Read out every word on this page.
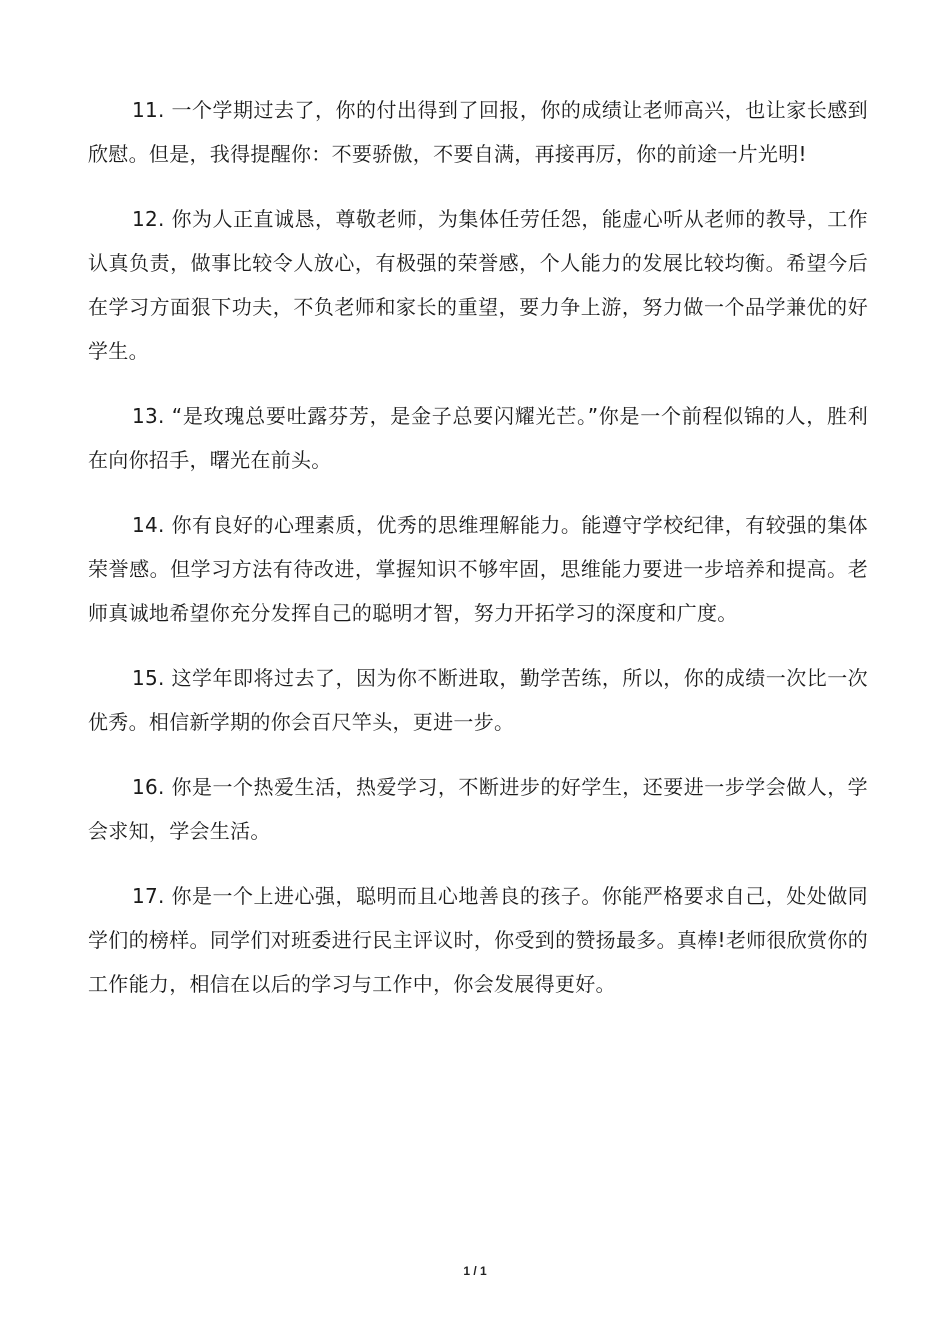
11. 一个学期过去了，你的付出得到了回报，你的成绩让老师高兴，也让家长感到欣慰。但是，我得提醒你：不要骄傲，不要自满，再接再厉，你的前途一片光明!

12. 你为人正直诚恳，尊敬老师，为集体任劳任怨，能虚心听从老师的教导，工作认真负责，做事比较令人放心，有极强的荣誉感，个人能力的发展比较均衡。希望今后在学习方面狠下功夫，不负老师和家长的重望，要力争上游，努力做一个品学兼优的好学生。

13. “是玫瑰总要吐露芬芳，是金子总要闪耀光芒。”你是一个前程似锦的人，胜利在向你招手，曙光在前头。

14. 你有良好的心理素质，优秀的思维理解能力。能遵守学校纪律，有较强的集体荣誉感。但学习方法有待改进，掌握知识不够牢固，思维能力要进一步培养和提高。老师真诚地希望你充分发挥自己的聪明才智，努力开拓学习的深度和广度。

15. 这学年即将过去了，因为你不断进取，勤学苦练，所以，你的成绩一次比一次优秀。相信新学期的你会百尺竿头，更进一步。

16. 你是一个热爱生活，热爱学习，不断进步的好学生，还要进一步学会做人，学会求知，学会生活。

17. 你是一个上进心强，聪明而且心地善良的孩子。你能严格要求自己，处处做同学们的榜样。同学们对班委进行民主评议时，你受到的赞扬最多。真棒!老师很欣赏你的工作能力，相信在以后的学习与工作中，你会发展得更好。

1 / 1
